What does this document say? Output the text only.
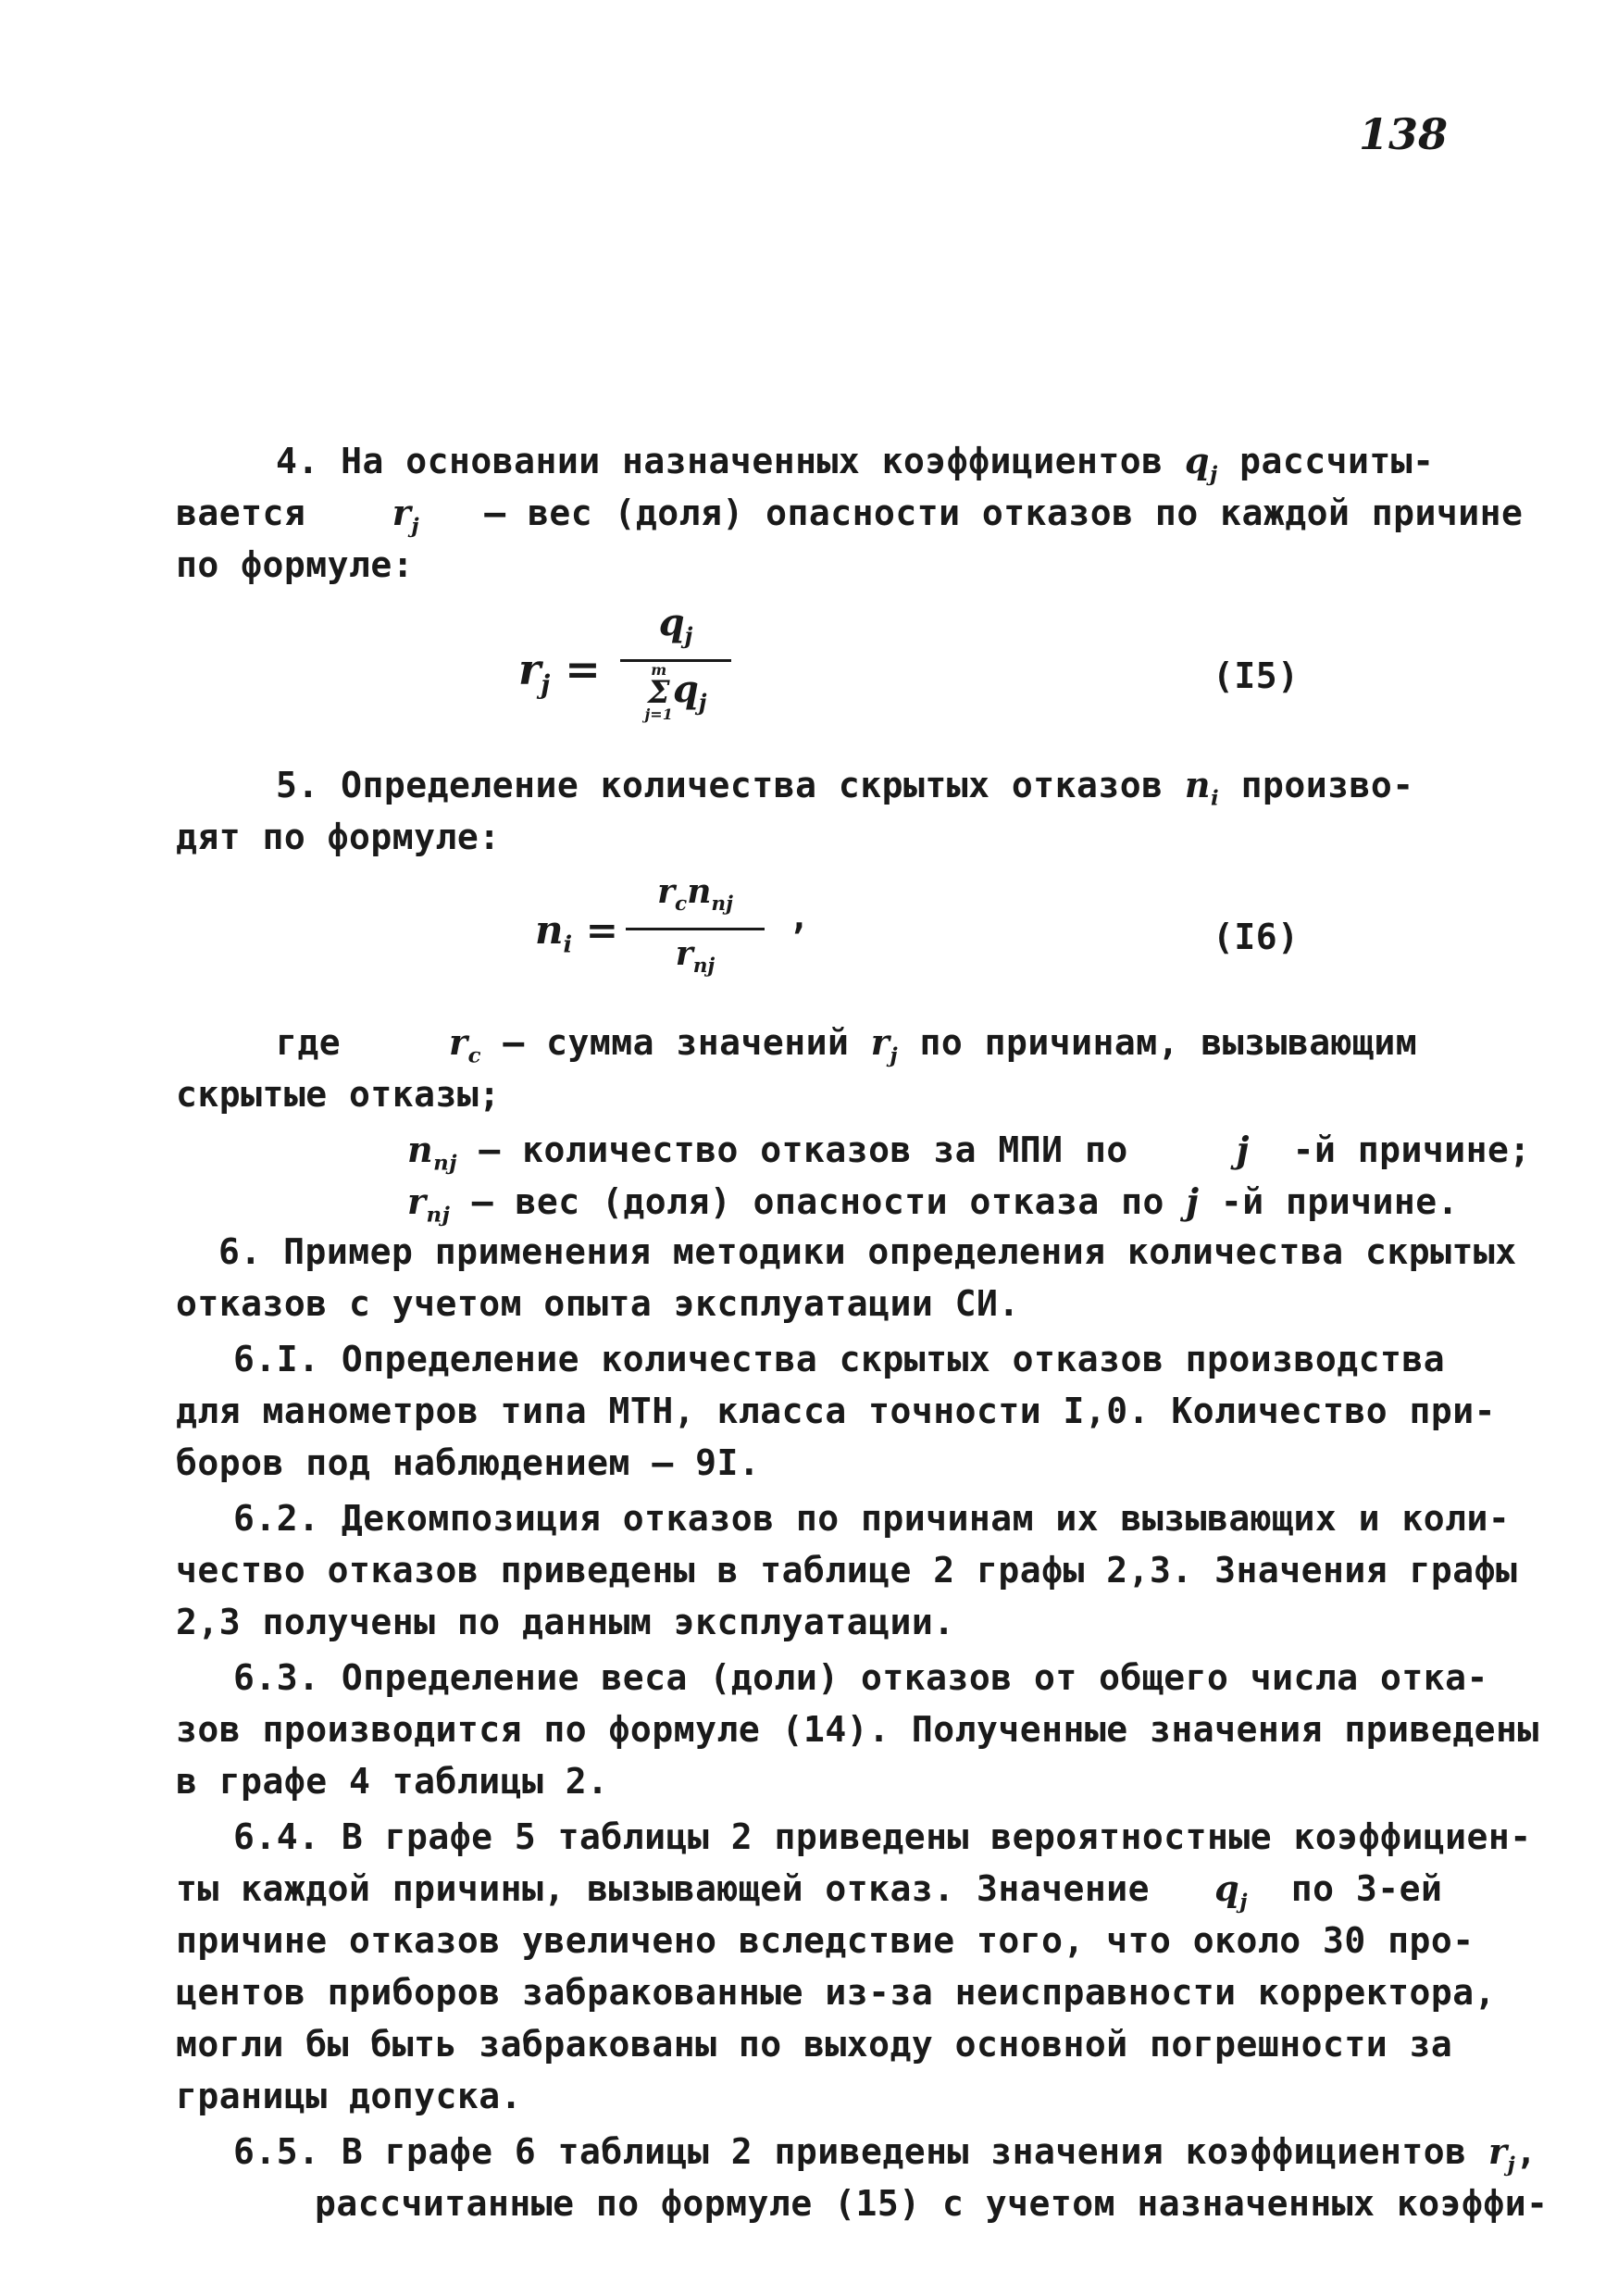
138
4. На основании назначенных коэффициентов $q_j$ рассчиты-
вается $r_j$ – вес (доля) опасности отказов по каждой причине
по формуле:
$r_j$ =
$q_j$
m
Σ
j=1
$q_j$
(I5)
5. Определение количества скрытых отказов $n_i$ произво-
дят по формуле:
$n_i$ =
$r_cn_{nj}$
$r_{nj}$
,	(I6)
где	$r_c$ – сумма значений $r_j$ по причинам, вызывающим
скрытые отказы;
$n_{nj}$ – количество отказов за МПИ по	j -й причине;
$r_{nj}$ – вес (доля) опасности отказа по j -й причине.
6. Пример применения методики определения количества скрытых
отказов с учетом опыта эксплуатации СИ.
6.I. Определение количества скрытых отказов производства
для манометров типа МТН, класса точности I,0. Количество при-
боров под наблюдением – 9I.
6.2. Декомпозиция отказов по причинам их вызывающих и коли-
чество отказов приведены в таблице 2 графы 2,3. Значения графы
2,3 получены по данным эксплуатации.
6.3. Определение веса (доли) отказов от общего числа отка-
зов производится по формуле (14). Полученные значения приведены
в графе 4 таблицы 2.
6.4. В графе 5 таблицы 2 приведены вероятностные коэффициен-
ты каждой причины, вызывающей отказ. Значение $q_j$ по 3-ей
причине отказов увеличено вследствие того, что около 30 про-
центов приборов забракованные из-за неисправности корректора,
могли бы быть забракованы по выходу основной погрешности за
границы допуска.
6.5. В графе 6 таблицы 2 приведены значения коэффициентов $r_j$,
рассчитанные по формуле (15) с учетом назначенных коэффи-
